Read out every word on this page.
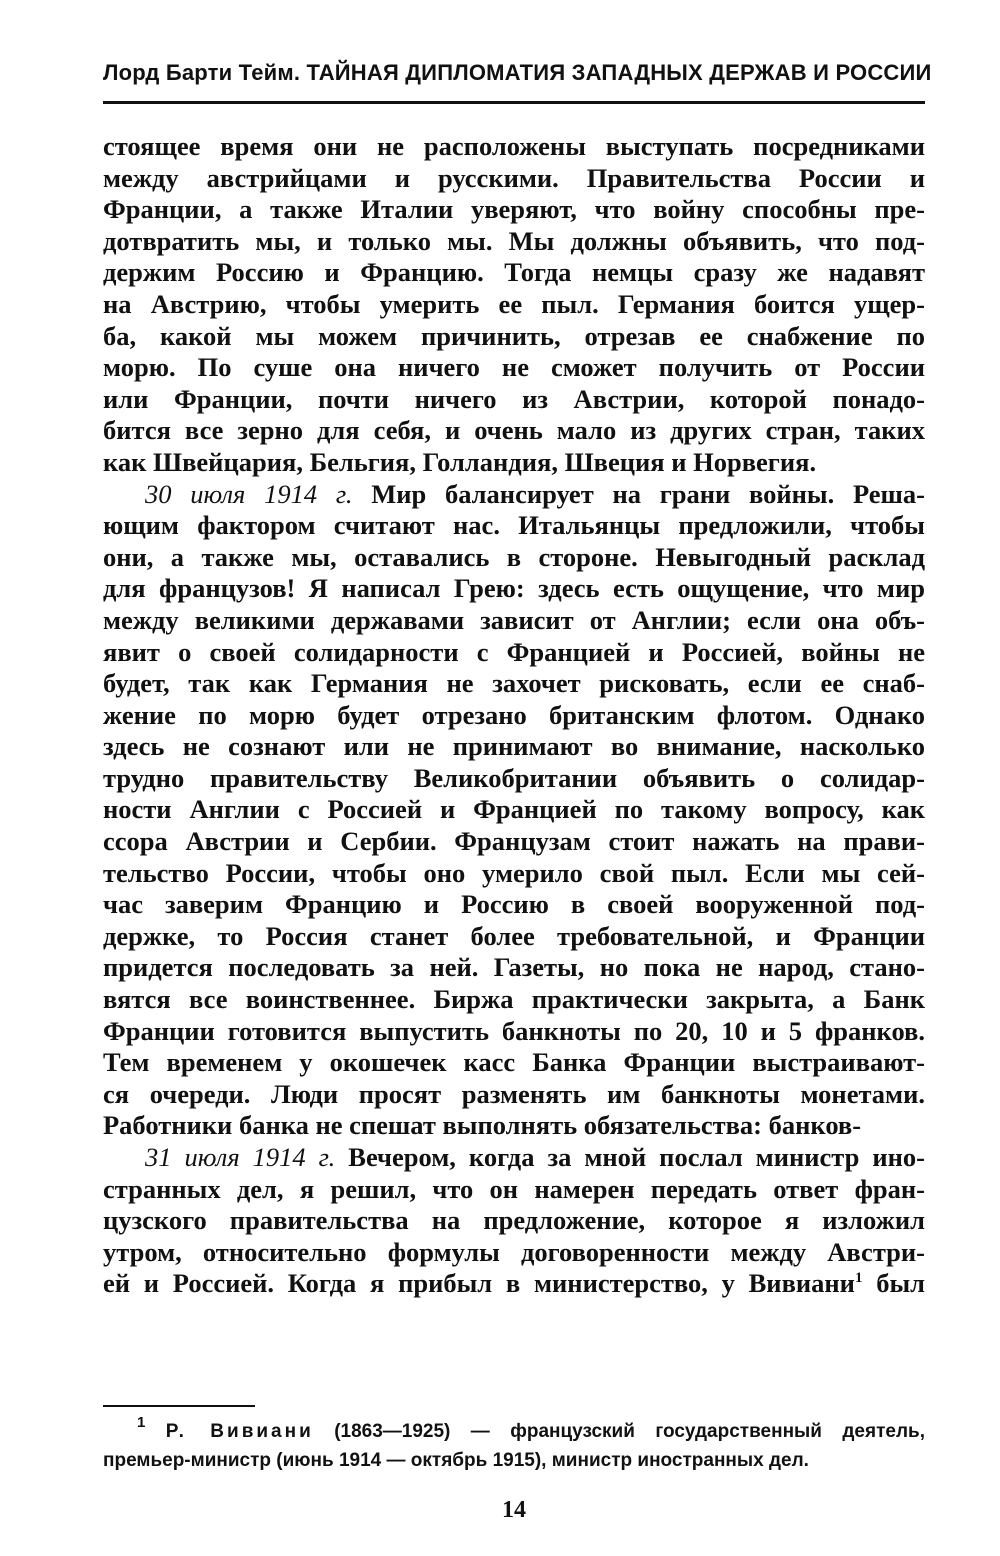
Лорд Барти Тейм. ТАЙНАЯ ДИПЛОМАТИЯ ЗАПАДНЫХ ДЕРЖАВ И РОССИИ
стоящее время они не расположены выступать посредниками
между австрийцами и русскими. Правительства России и
Франции, а также Италии уверяют, что войну способны пре-
дотвратить мы, и только мы. Мы должны объявить, что под-
держим Россию и Францию. Тогда немцы сразу же надавят
на Австрию, чтобы умерить ее пыл. Германия боится ущер-
ба, какой мы можем причинить, отрезав ее снабжение по
морю. По суше она ничего не сможет получить от России
или Франции, почти ничего из Австрии, которой понадо-
бится все зерно для себя, и очень мало из других стран, таких
как Швейцария, Бельгия, Голландия, Швеция и Норвегия.
30 июля 1914 г. Мир балансирует на грани войны. Реша-
ющим фактором считают нас. Итальянцы предложили, чтобы
они, а также мы, оставались в стороне. Невыгодный расклад
для французов! Я написал Грею: здесь есть ощущение, что мир
между великими державами зависит от Англии; если она объ-
явит о своей солидарности с Францией и Россией, войны не
будет, так как Германия не захочет рисковать, если ее снаб-
жение по морю будет отрезано британским флотом. Однако
здесь не сознают или не принимают во внимание, насколько
трудно правительству Великобритании объявить о солидар-
ности Англии с Россией и Францией по такому вопросу, как
ссора Австрии и Сербии. Французам стоит нажать на прави-
тельство России, чтобы оно умерило свой пыл. Если мы сей-
час заверим Францию и Россию в своей вооруженной под-
держке, то Россия станет более требовательной, и Франции
придется последовать за ней. Газеты, но пока не народ, стано-
вятся все воинственнее. Биржа практически закрыта, а Банк
Франции готовится выпустить банкноты по 20, 10 и 5 франков.
Тем временем у окошечек касс Банка Франции выстраивают-
ся очереди. Люди просят разменять им банкноты монетами.
Работники банка не спешат выполнять обязательства: банков-
31 июля 1914 г. Вечером, когда за мной послал министр ино-
странных дел, я решил, что он намерен передать ответ фран-
цузского правительства на предложение, которое я изложил
утром, относительно формулы договоренности между Австри-
ей и Россией. Когда я прибыл в министерство, у Вивиани$^1$ был
$^1$ Р. Вивиани (1863—1925) — французский государственный деятель,
премьер-министр (июнь 1914 — октябрь 1915), министр иностранных дел.
14
